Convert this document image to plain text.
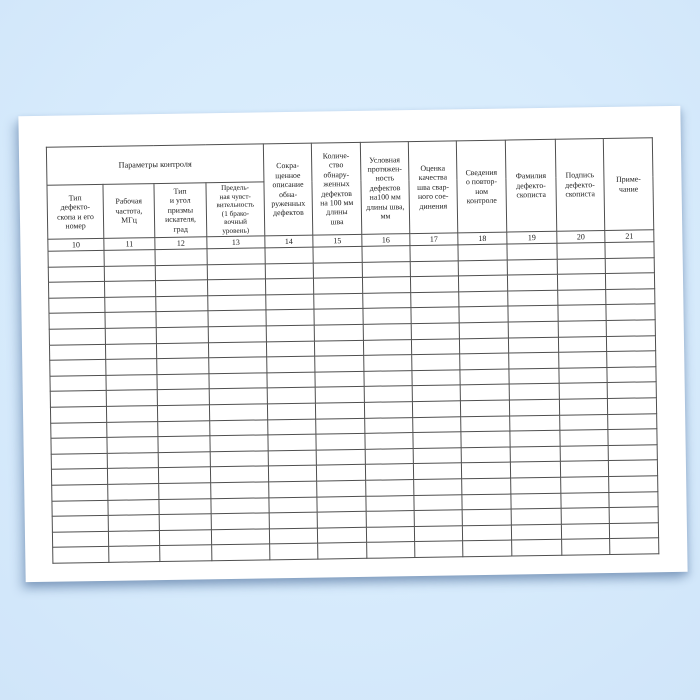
Параметры контроля	Сокра-
щенное
описание
обна-
руженных
дефектов	Количе-
ство
обнару-
женных
дефектов
на 100 мм
длины
шва	Условная
протяжен-
ность
дефектов
на100 мм
длины шва,
мм	Оценка
качества
шва свар-
ного сое-
динения	Сведения
о повтор-
ном
контроле	Фамилия
дефекто-
скописта	Подпись
дефекто-
скописта	Приме-
чание
Тип
дефекто-
скопа и его
номер	Рабочая
частота,
МГц	Тип
и угол
призмы
искателя,
град	Предель-
ная чувст-
вительность
(1 брако-
вочный
уровень)
10	11	12	13	14	15	16	17	18	19	20	21
